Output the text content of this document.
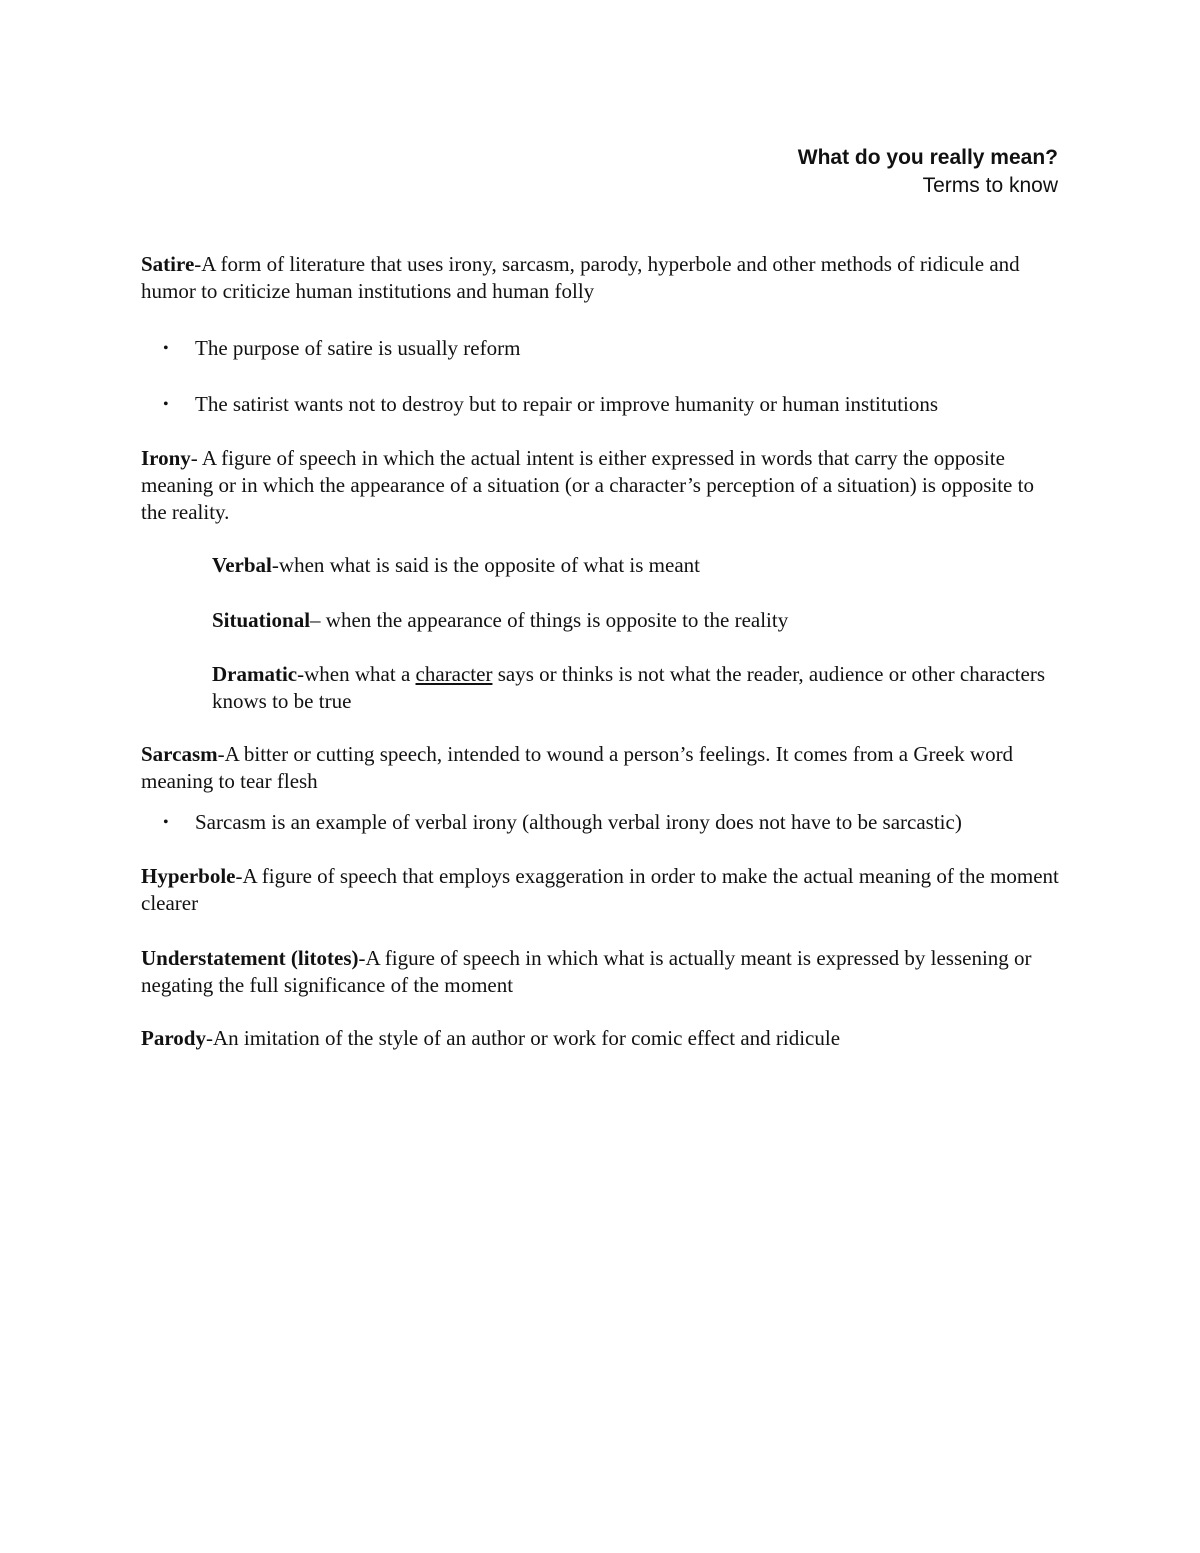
What do you really mean?
Terms to know
Satire-A form of literature that uses irony, sarcasm, parody, hyperbole and other methods of ridicule and humor to criticize human institutions and human folly
• The purpose of satire is usually reform
• The satirist wants not to destroy but to repair or improve humanity or human institutions
Irony- A figure of speech in which the actual intent is either expressed in words that carry the opposite meaning or in which the appearance of a situation (or a character’s perception of a situation) is opposite to the reality.
Verbal-when what is said is the opposite of what is meant
Situational– when the appearance of things is opposite to the reality
Dramatic-when what a character says or thinks is not what the reader, audience or other characters knows to be true
Sarcasm-A bitter or cutting speech, intended to wound a person’s feelings. It comes from a Greek word meaning to tear flesh
• Sarcasm is an example of verbal irony (although verbal irony does not have to be sarcastic)
Hyperbole-A figure of speech that employs exaggeration in order to make the actual meaning of the moment clearer
Understatement (litotes)-A figure of speech in which what is actually meant is expressed by lessening or negating the full significance of the moment
Parody-An imitation of the style of an author or work for comic effect and ridicule
